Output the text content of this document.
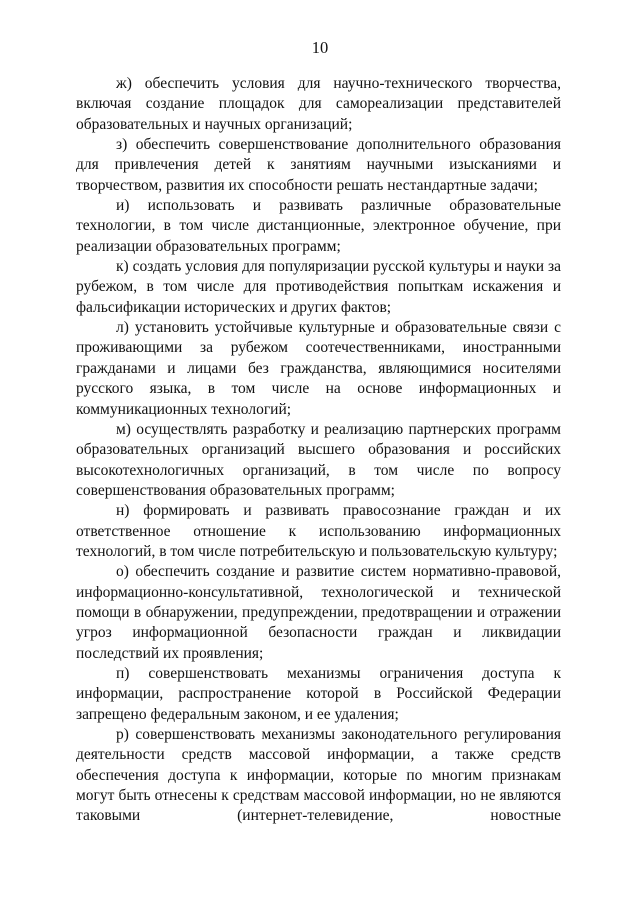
10

ж) обеспечить условия для научно-технического творчества, включая создание площадок для самореализации представителей образовательных и научных организаций;

з) обеспечить совершенствование дополнительного образования для привлечения детей к занятиям научными изысканиями и творчеством, развития их способности решать нестандартные задачи;

и) использовать и развивать различные образовательные технологии, в том числе дистанционные, электронное обучение, при реализации образовательных программ;

к) создать условия для популяризации русской культуры и науки за рубежом, в том числе для противодействия попыткам искажения и фальсификации исторических и других фактов;

л) установить устойчивые культурные и образовательные связи с проживающими за рубежом соотечественниками, иностранными гражданами и лицами без гражданства, являющимися носителями русского языка, в том числе на основе информационных и коммуникационных технологий;

м) осуществлять разработку и реализацию партнерских программ образовательных организаций высшего образования и российских высокотехнологичных организаций, в том числе по вопросу совершенствования образовательных программ;

н) формировать и развивать правосознание граждан и их ответственное отношение к использованию информационных технологий, в том числе потребительскую и пользовательскую культуру;

о) обеспечить создание и развитие систем нормативно-правовой, информационно-консультативной, технологической и технической помощи в обнаружении, предупреждении, предотвращении и отражении угроз информационной безопасности граждан и ликвидации последствий их проявления;

п) совершенствовать механизмы ограничения доступа к информации, распространение которой в Российской Федерации запрещено федеральным законом, и ее удаления;

р) совершенствовать механизмы законодательного регулирования деятельности средств массовой информации, а также средств обеспечения доступа к информации, которые по многим признакам могут быть отнесены к средствам массовой информации, но не являются таковыми (интернет-телевидение, новостные
